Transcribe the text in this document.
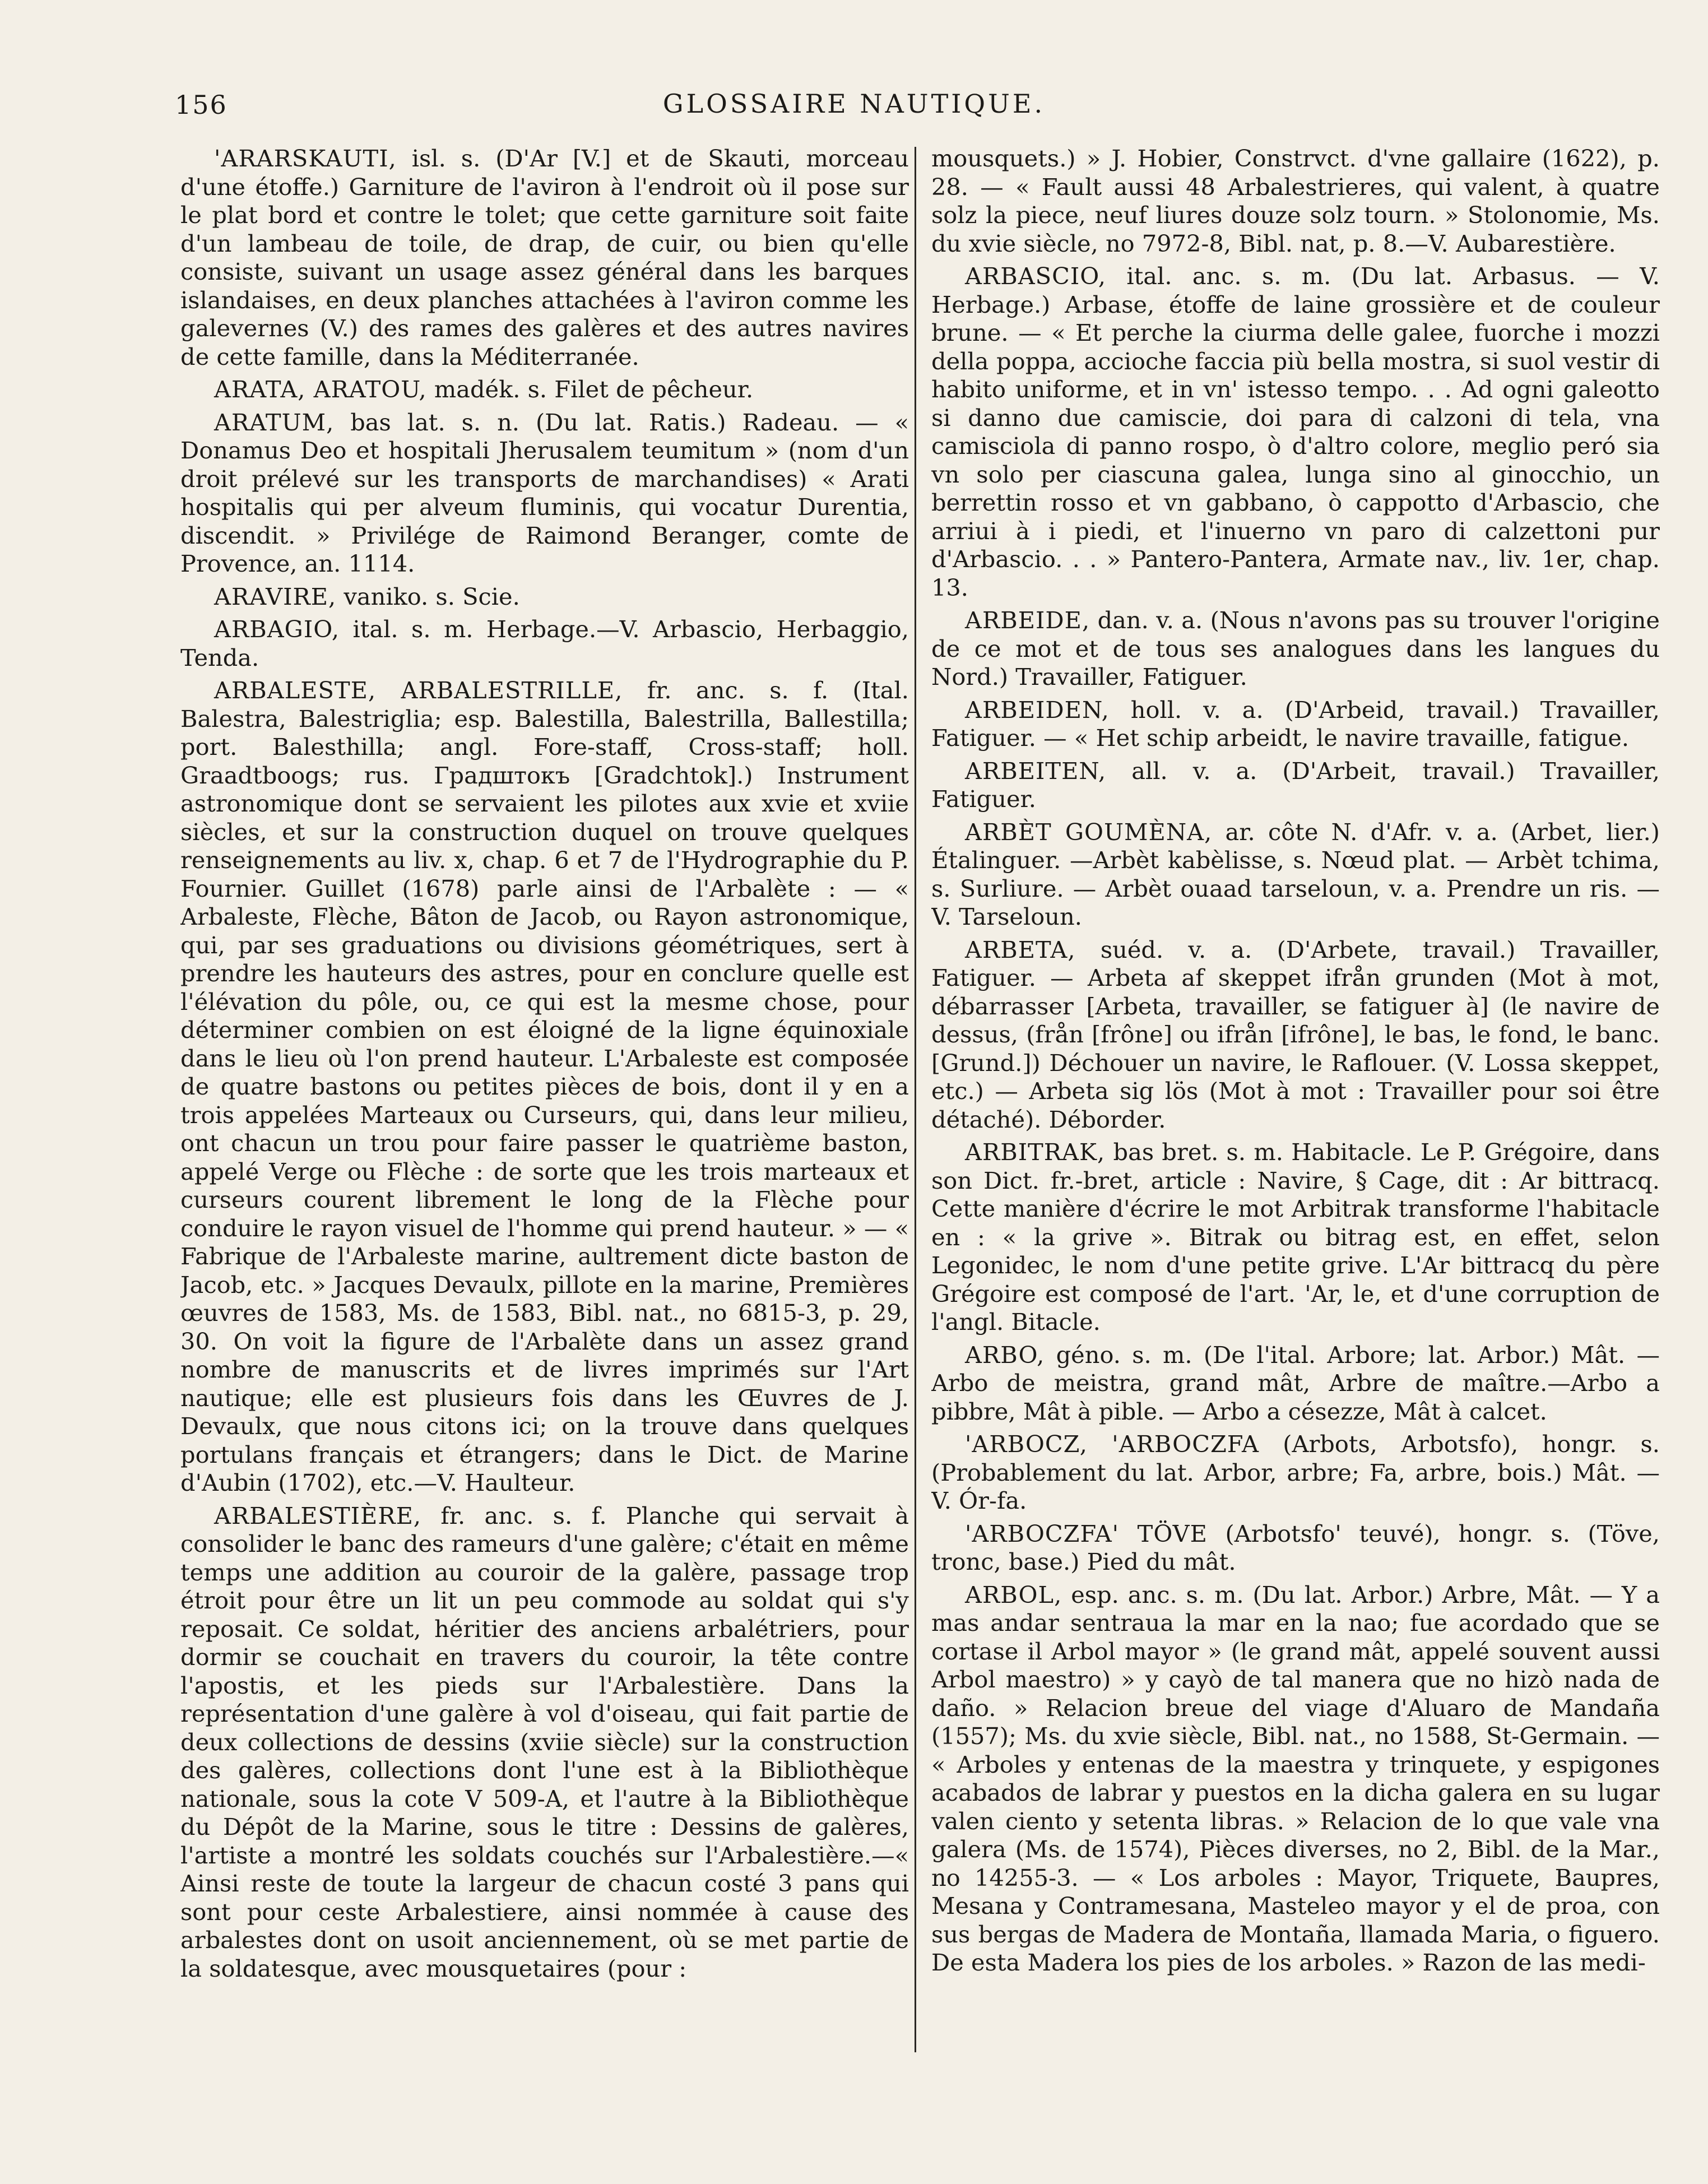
156	GLOSSAIRE NAUTIQUE.

'ARARSKAUTI, isl. s. (D'Ar [V.] et de Skauti, morceau d'une étoffe.) Garniture de l'aviron à l'endroit où il pose sur le plat bord et contre le tolet; que cette garniture soit faite d'un lambeau de toile, de drap, de cuir, ou bien qu'elle consiste, suivant un usage assez général dans les barques islandaises, en deux planches attachées à l'aviron comme les galevernes (V.) des rames des galères et des autres navires de cette famille, dans la Méditerranée.

ARATA, ARATOU, madék. s. Filet de pêcheur.

ARATUM, bas lat. s. n. (Du lat. Ratis.) Radeau. — « Donamus Deo et hospitali Jherusalem teumitum » (nom d'un droit prélevé sur les transports de marchandises) « Arati hospitalis qui per alveum fluminis, qui vocatur Durentia, discendit. » Privilége de Raimond Beranger, comte de Provence, an. 1114.

ARAVIRE, vaniko. s. Scie.

ARBAGIO, ital. s. m. Herbage.—V. Arbascio, Herbaggio, Tenda.

ARBALESTE, ARBALESTRILLE, fr. anc. s. f. (Ital. Balestra, Balestriglia; esp. Balestilla, Balestrilla, Ballestilla; port. Balesthilla; angl. Fore-staff, Cross-staff; holl. Graadtboogs; rus. Градштокъ [Gradchtok].) Instrument astronomique dont se servaient les pilotes aux xvie et xviie siècles, et sur la construction duquel on trouve quelques renseignements au liv. x, chap. 6 et 7 de l'Hydrographie du P. Fournier. Guillet (1678) parle ainsi de l'Arbalète : — « Arbaleste, Flèche, Bâton de Jacob, ou Rayon astronomique, qui, par ses graduations ou divisions géométriques, sert à prendre les hauteurs des astres, pour en conclure quelle est l'élévation du pôle, ou, ce qui est la mesme chose, pour déterminer combien on est éloigné de la ligne équinoxiale dans le lieu où l'on prend hauteur. L'Arbaleste est composée de quatre bastons ou petites pièces de bois, dont il y en a trois appelées Marteaux ou Curseurs, qui, dans leur milieu, ont chacun un trou pour faire passer le quatrième baston, appelé Verge ou Flèche : de sorte que les trois marteaux et curseurs courent librement le long de la Flèche pour conduire le rayon visuel de l'homme qui prend hauteur. » — « Fabrique de l'Arbaleste marine, aultrement dicte baston de Jacob, etc. » Jacques Devaulx, pillote en la marine, Premières œuvres de 1583, Ms. de 1583, Bibl. nat., no 6815-3, p. 29, 30. On voit la figure de l'Arbalète dans un assez grand nombre de manuscrits et de livres imprimés sur l'Art nautique; elle est plusieurs fois dans les Œuvres de J. Devaulx, que nous citons ici; on la trouve dans quelques portulans français et étrangers; dans le Dict. de Marine d'Aubin (1702), etc.—V. Haulteur.

ARBALESTIÈRE, fr. anc. s. f. Planche qui servait à consolider le banc des rameurs d'une galère; c'était en même temps une addition au couroir de la galère, passage trop étroit pour être un lit un peu commode au soldat qui s'y reposait. Ce soldat, héritier des anciens arbalétriers, pour dormir se couchait en travers du couroir, la tête contre l'apostis, et les pieds sur l'Arbalestière. Dans la représentation d'une galère à vol d'oiseau, qui fait partie de deux collections de dessins (xviie siècle) sur la construction des galères, collections dont l'une est à la Bibliothèque nationale, sous la cote V 509-A, et l'autre à la Bibliothèque du Dépôt de la Marine, sous le titre : Dessins de galères, l'artiste a montré les soldats couchés sur l'Arbalestière.—« Ainsi reste de toute la largeur de chacun costé 3 pans qui sont pour ceste Arbalestiere, ainsi nommée à cause des arbalestes dont on usoit anciennement, où se met partie de la soldatesque, avec mousquetaires (pour :

mousquets.) » J. Hobier, Constrvct. d'vne gallaire (1622), p. 28. — « Fault aussi 48 Arbalestrieres, qui valent, à quatre solz la piece, neuf liures douze solz tourn. » Stolonomie, Ms. du xvie siècle, no 7972-8, Bibl. nat, p. 8.—V. Aubarestière.

ARBASCIO, ital. anc. s. m. (Du lat. Arbasus. — V. Herbage.) Arbase, étoffe de laine grossière et de couleur brune. — « Et perche la ciurma delle galee, fuorche i mozzi della poppa, accioche faccia più bella mostra, si suol vestir di habito uniforme, et in vn' istesso tempo. . . Ad ogni galeotto si danno due camiscie, doi para di calzoni di tela, vna camisciola di panno rospo, ò d'altro colore, meglio peró sia vn solo per ciascuna galea, lunga sino al ginocchio, un berrettin rosso et vn gabbano, ò cappotto d'Arbascio, che arriui à i piedi, et l'inuerno vn paro di calzettoni pur d'Arbascio. . . » Pantero-Pantera, Armate nav., liv. 1er, chap. 13.

ARBEIDE, dan. v. a. (Nous n'avons pas su trouver l'origine de ce mot et de tous ses analogues dans les langues du Nord.) Travailler, Fatiguer.

ARBEIDEN, holl. v. a. (D'Arbeid, travail.) Travailler, Fatiguer. — « Het schip arbeidt, le navire travaille, fatigue.

ARBEITEN, all. v. a. (D'Arbeit, travail.) Travailler, Fatiguer.

ARBÈT GOUMÈNA, ar. côte N. d'Afr. v. a. (Arbet, lier.) Étalinguer. —Arbèt kabèlisse, s. Nœud plat. — Arbèt tchima, s. Surliure. — Arbèt ouaad tarseloun, v. a. Prendre un ris. — V. Tarseloun.

ARBETA, suéd. v. a. (D'Arbete, travail.) Travailler, Fatiguer. — Arbeta af skeppet ifrån grunden (Mot à mot, débarrasser [Arbeta, travailler, se fatiguer à] (le navire de dessus, (från [frône] ou ifrån [ifrône], le bas, le fond, le banc. [Grund.]) Déchouer un navire, le Raflouer. (V. Lossa skeppet, etc.) — Arbeta sig lös (Mot à mot : Travailler pour soi être détaché). Déborder.

ARBITRAK, bas bret. s. m. Habitacle. Le P. Grégoire, dans son Dict. fr.-bret, article : Navire, § Cage, dit : Ar bittracq. Cette manière d'écrire le mot Arbitrak transforme l'habitacle en : « la grive ». Bitrak ou bitrag est, en effet, selon Legonidec, le nom d'une petite grive. L'Ar bittracq du père Grégoire est composé de l'art. 'Ar, le, et d'une corruption de l'angl. Bitacle.

ARBO, géno. s. m. (De l'ital. Arbore; lat. Arbor.) Mât. — Arbo de meistra, grand mât, Arbre de maître.—Arbo a pibbre, Mât à pible. — Arbo a césezze, Mât à calcet.

'ARBOCZ, 'ARBOCZFA (Arbots, Arbotsfo), hongr. s. (Probablement du lat. Arbor, arbre; Fa, arbre, bois.) Mât. — V. Ór-fa.

'ARBOCZFA' TÖVE (Arbotsfo' teuvé), hongr. s. (Tövе, tronc, base.) Pied du mât.

ARBOL, esp. anc. s. m. (Du lat. Arbor.) Arbre, Mât. — Y a mas andar sentraua la mar en la nao; fue acordado que se cortase il Arbol mayor » (le grand mât, appelé souvent aussi Arbol maestro) » y cayò de tal manera que no hizò nada de daño. » Relacion breue del viage d'Aluaro de Mandaña (1557); Ms. du xvie siècle, Bibl. nat., no 1588, St-Germain. — « Arboles y entenas de la maestra y trinquete, y espigones acabados de labrar y puestos en la dicha galera en su lugar valen ciento y setenta libras. » Relacion de lo que vale vna galera (Ms. de 1574), Pièces diverses, no 2, Bibl. de la Mar., no 14255-3. — « Los arboles : Mayor, Triquete, Baupres, Mesana y Contramesana, Masteleo mayor y el de proa, con sus bergas de Madera de Montaña, llamada Maria, o figuero. De esta Madera los pies de los arboles. » Razon de las medi-
